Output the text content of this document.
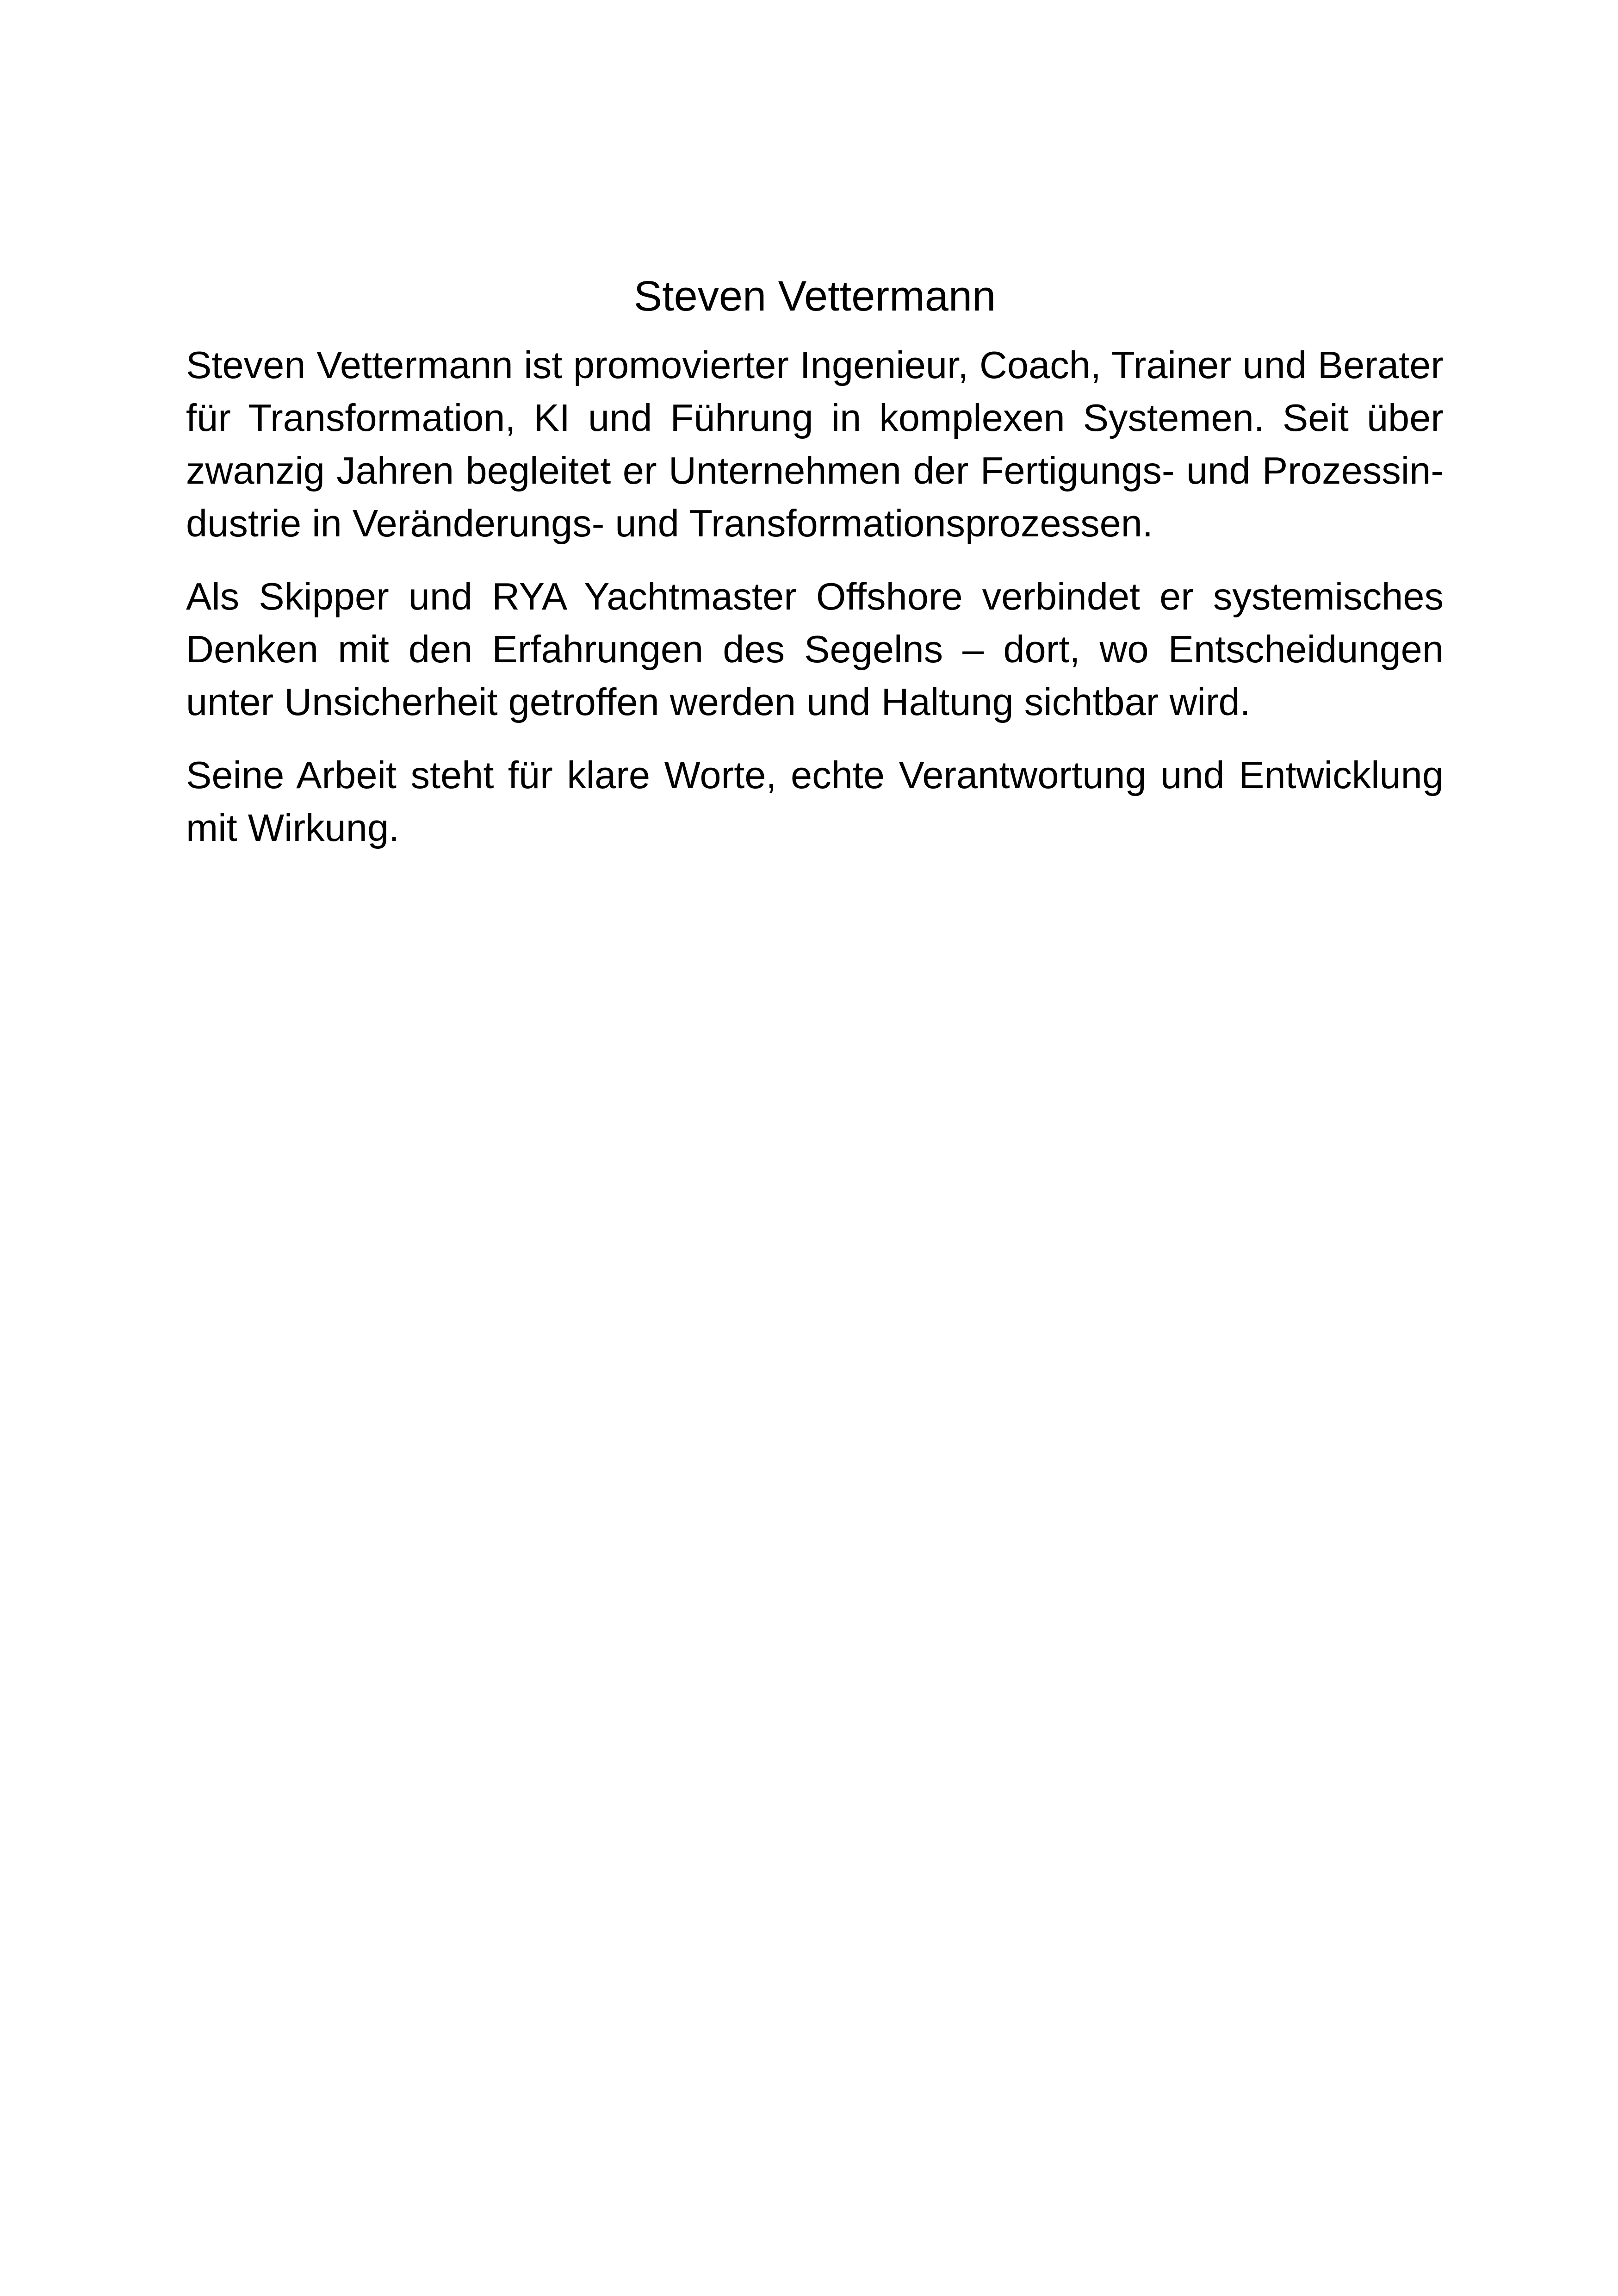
Steven Vettermann

Steven Vettermann ist promovierter Ingenieur, Coach, Trainer und Berater
für Transformation, KI und Führung in komplexen Systemen. Seit über
zwanzig Jahren begleitet er Unternehmen der Fertigungs- und Prozessin-
dustrie in Veränderungs- und Transformationsprozessen.

Als Skipper und RYA Yachtmaster Offshore verbindet er systemisches
Denken mit den Erfahrungen des Segelns – dort, wo Entscheidungen
unter Unsicherheit getroffen werden und Haltung sichtbar wird.

Seine Arbeit steht für klare Worte, echte Verantwortung und Entwicklung
mit Wirkung.
